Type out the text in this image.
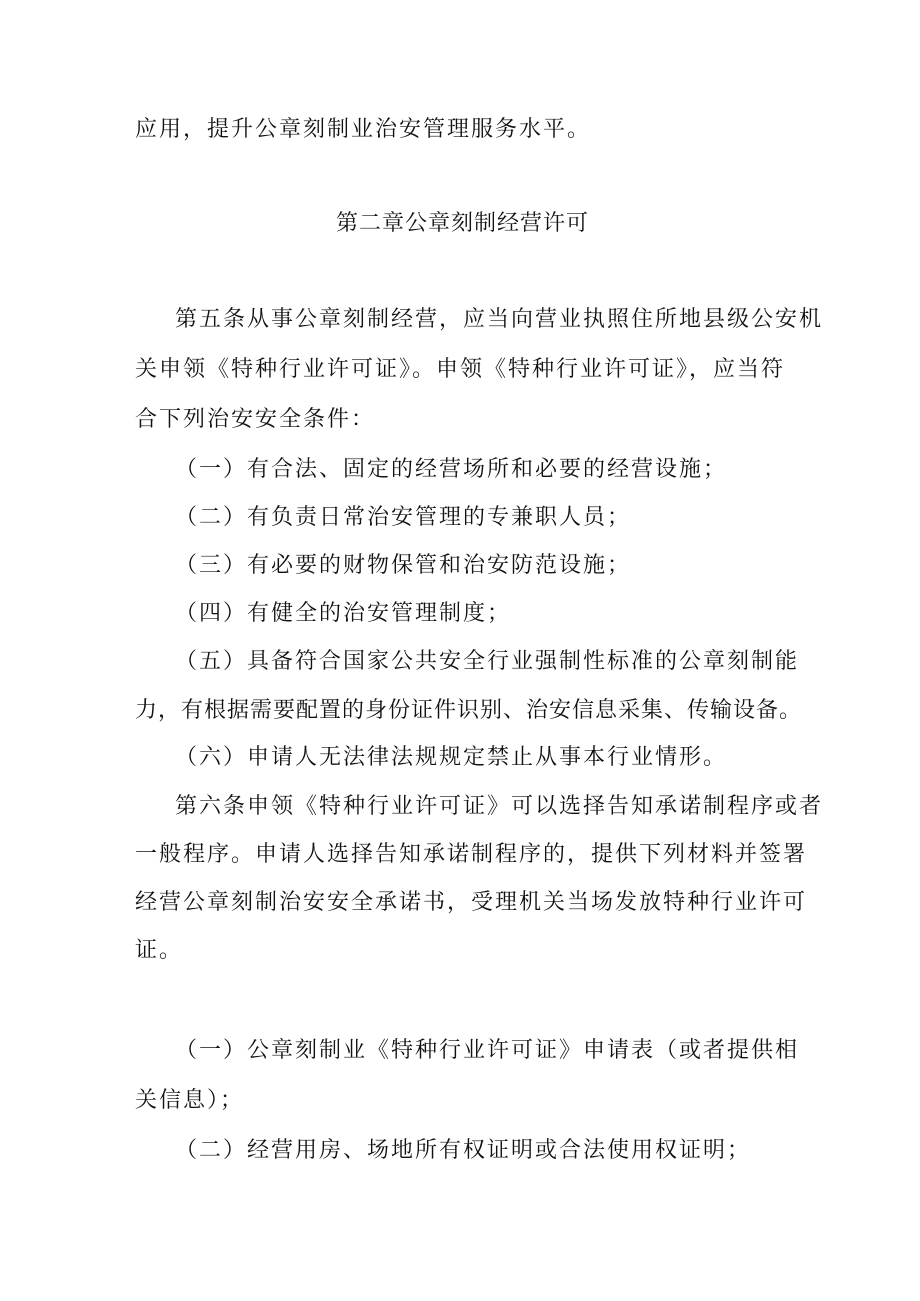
应用，提升公章刻制业治安管理服务水平。
第二章公章刻制经营许可
第五条从事公章刻制经营，应当向营业执照住所地县级公安机
关申领《特种行业许可证》。申领《特种行业许可证》，应当符
合下列治安安全条件：
（一）有合法、固定的经营场所和必要的经营设施；
（二）有负责日常治安管理的专兼职人员；
（三）有必要的财物保管和治安防范设施；
（四）有健全的治安管理制度；
（五）具备符合国家公共安全行业强制性标准的公章刻制能
力，有根据需要配置的身份证件识别、治安信息采集、传输设备。
（六）申请人无法律法规规定禁止从事本行业情形。
第六条申领《特种行业许可证》可以选择告知承诺制程序或者
一般程序。申请人选择告知承诺制程序的，提供下列材料并签署
经营公章刻制治安安全承诺书，受理机关当场发放特种行业许可
证。
（一）公章刻制业《特种行业许可证》申请表（或者提供相
关信息）；
（二）经营用房、场地所有权证明或合法使用权证明；
